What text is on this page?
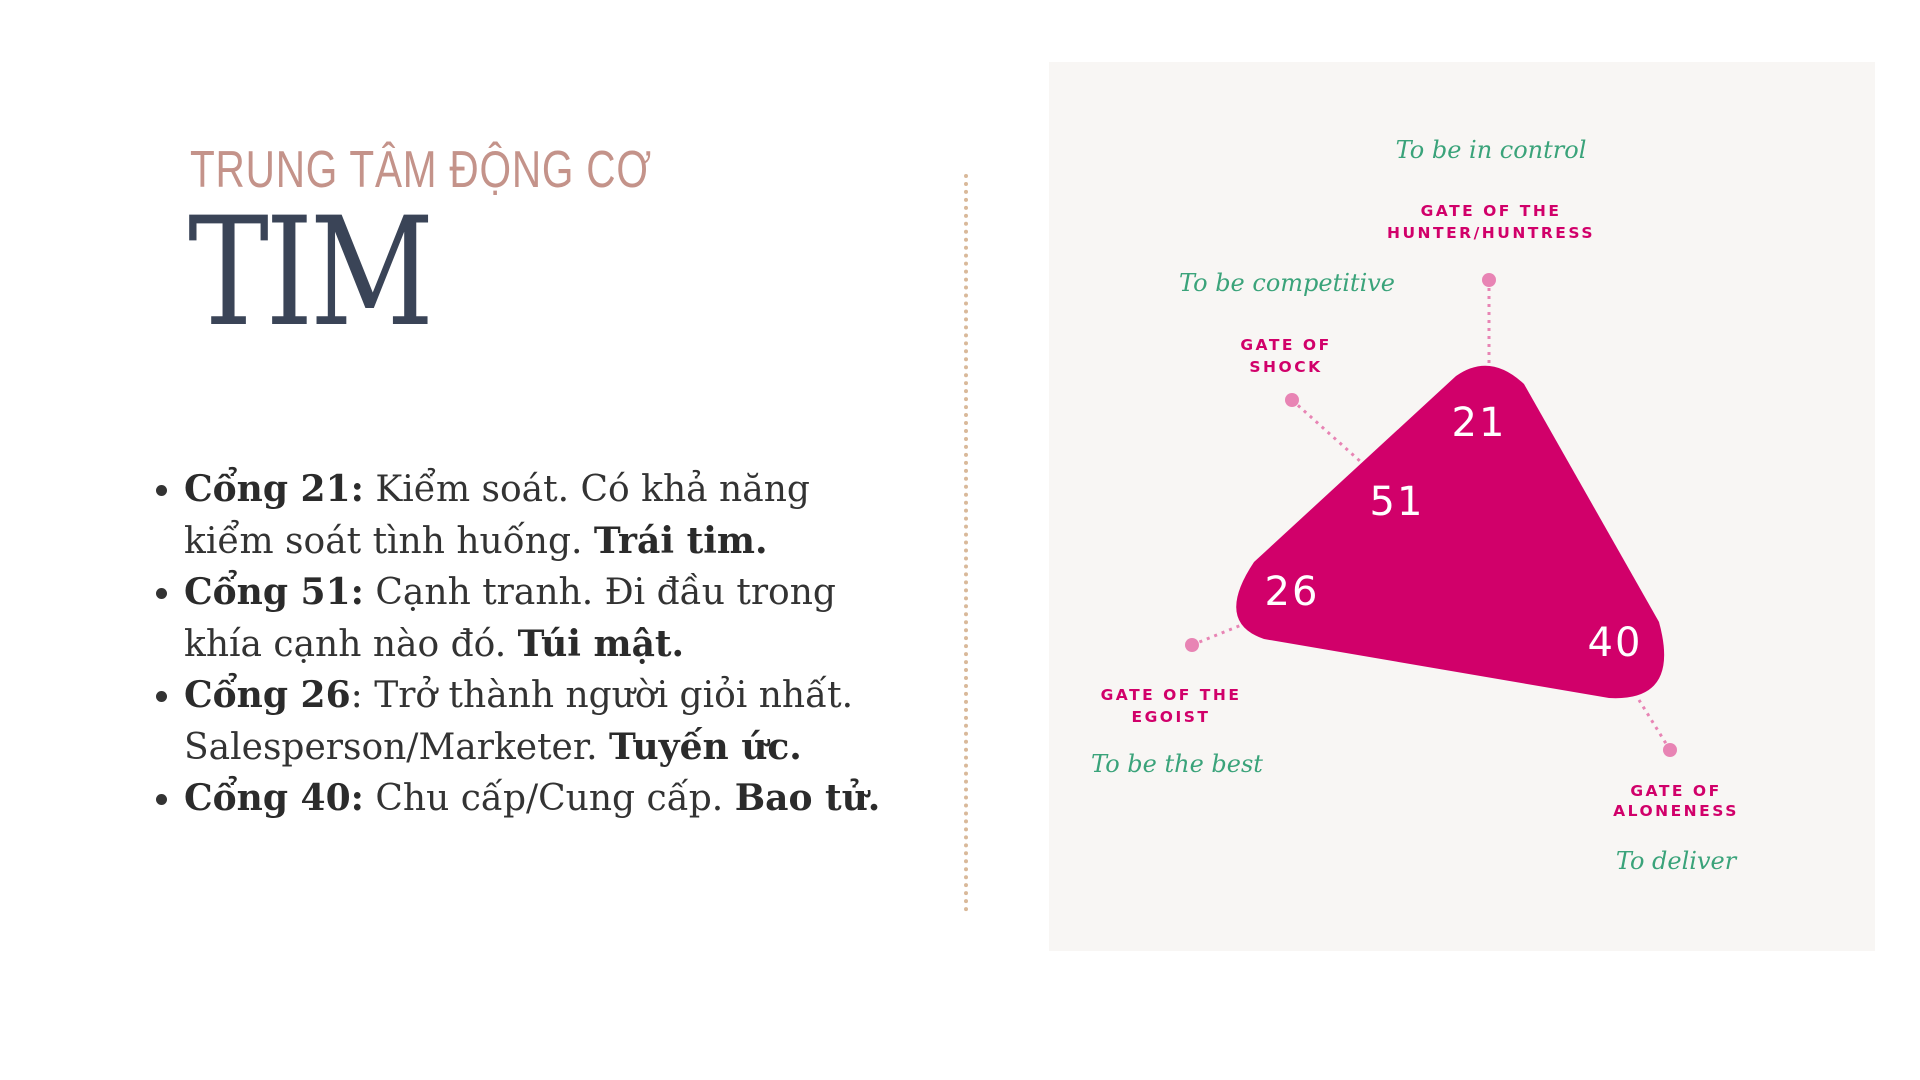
TRUNG TÂM ĐỘNG CƠ
TIM
• Cổng 21: Kiểm soát. Có khả năng kiểm soát tình huống. Trái tim.
• Cổng 51: Cạnh tranh. Đi đầu trong khía cạnh nào đó. Túi mật.
• Cổng 26: Trở thành người giỏi nhất. Salesperson/Marketer. Tuyến ức.
• Cổng 40: Chu cấp/Cung cấp. Bao tử.
21
51
26
40
To be in control
GATE OF THE
HUNTER/HUNTRESS
To be competitive
GATE OF
SHOCK
GATE OF THE
EGOIST
To be the best
GATE OF
ALONENESS
To deliver
